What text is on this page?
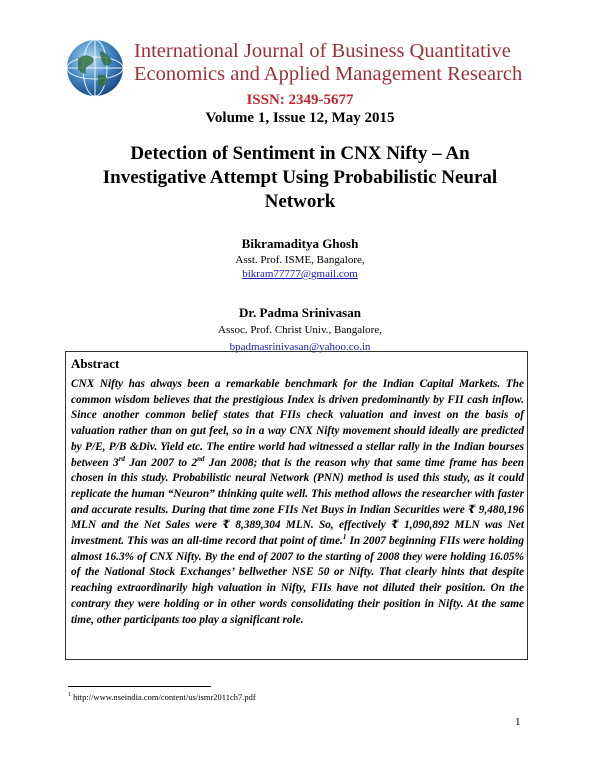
International Journal of Business Quantitative
Economics and Applied Management Research
ISSN: 2349-5677
Volume 1, Issue 12, May 2015
Detection of Sentiment in CNX Nifty – An Investigative Attempt Using Probabilistic Neural Network
Bikramaditya Ghosh
Asst. Prof. ISME, Bangalore,
bikram77777@gmail.com
Dr. Padma Srinivasan
Assoc. Prof. Christ Univ., Bangalore,
bpadmasrinivasan@yahoo.co.in
Abstract
CNX Nifty has always been a remarkable benchmark for the Indian Capital Markets. The common wisdom believes that the prestigious Index is driven predominantly by FII cash inflow. Since another common belief states that FIIs check valuation and invest on the basis of valuation rather than on gut feel, so in a way CNX Nifty movement should ideally are predicted by P/E, P/B &Div. Yield etc. The entire world had witnessed a stellar rally in the Indian bourses between 3rd Jan 2007 to 2nd Jan 2008; that is the reason why that same time frame has been chosen in this study. Probabilistic neural Network (PNN) method is used this study, as it could replicate the human “Neuron” thinking quite well. This method allows the researcher with faster and accurate results. During that time zone FIIs Net Buys in Indian Securities were ₹ 9,480,196 MLN and the Net Sales were ₹ 8,389,304 MLN. So, effectively ₹ 1,090,892 MLN was Net investment. This was an all-time record that point of time.$^1$ In 2007 beginning FIIs were holding almost 16.3% of CNX Nifty. By the end of 2007 to the starting of 2008 they were holding 16.05% of the National Stock Exchanges’ bellwether NSE 50 or Nifty. That clearly hints that despite reaching extraordinarily high valuation in Nifty, FIIs have not diluted their position. On the contrary they were holding or in other words consolidating their position in Nifty. At the same time, other participants too play a significant role.
$^1$ http://www.nseindia.com/content/us/ismr2011ch7.pdf
1
